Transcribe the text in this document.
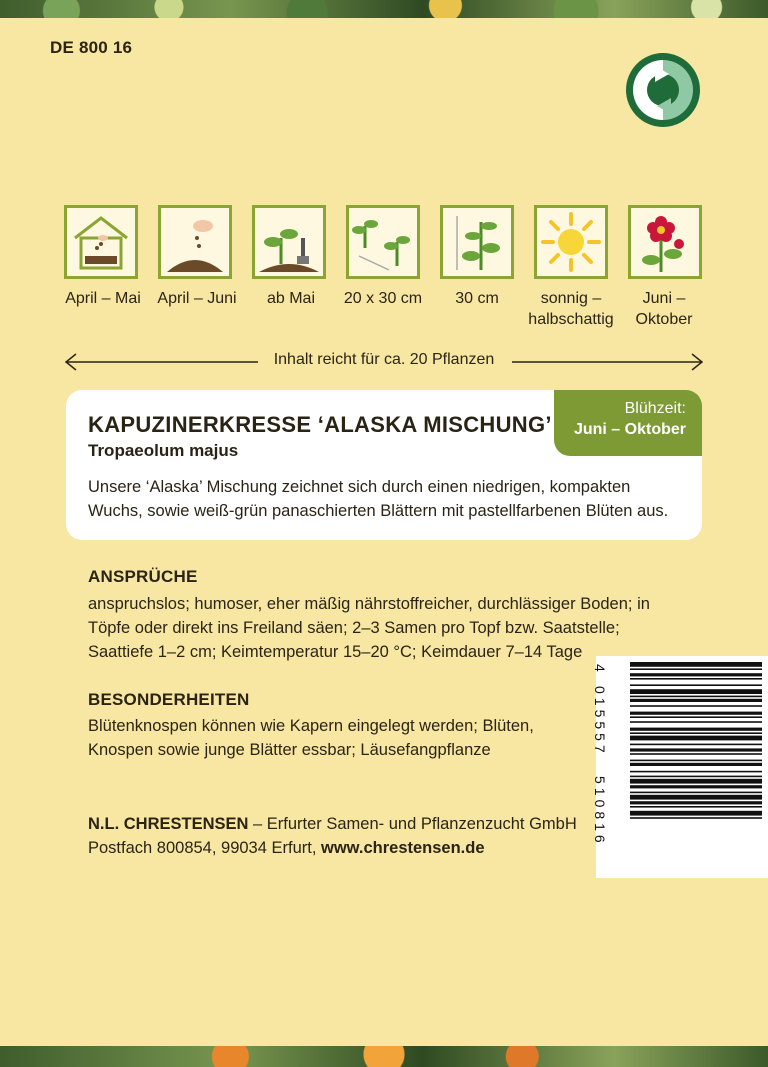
DE 800 16
April – Mai	April – Juni	ab Mai	20 x 30 cm	30 cm	sonnig –
halbschattig
Juni –
Oktober
Inhalt reicht für ca. 20 Pflanzen
KAPUZINERKRESSE ‘ALASKA MISCHUNG’
Tropaeolum majus
Blühzeit:
Juni – Oktober
Unsere ‘Alaska’ Mischung zeichnet sich durch einen niedrigen, kompakten Wuchs, sowie weiß-grün panaschierten Blättern mit pastellfarbenen Blüten aus.
ANSPRÜCHE
anspruchslos; humoser, eher mäßig nährstoffreicher, durchlässiger Boden; in Töpfe oder direkt ins Freiland säen; 2–3 Samen pro Topf bzw. Saatstelle; Saattiefe 1–2 cm; Keimtemperatur 15–20 °C; Keimdauer 7–14 Tage
BESONDERHEITEN
Blütenknospen können wie Kapern eingelegt werden; Blüten, Knospen sowie junge Blätter essbar; Läusefangpflanze
N.L. CHRESTENSEN – Erfurter Samen- und Pflanzenzucht GmbH
Postfach 800854, 99034 Erfurt, www.chrestensen.de
4
015557
510816
